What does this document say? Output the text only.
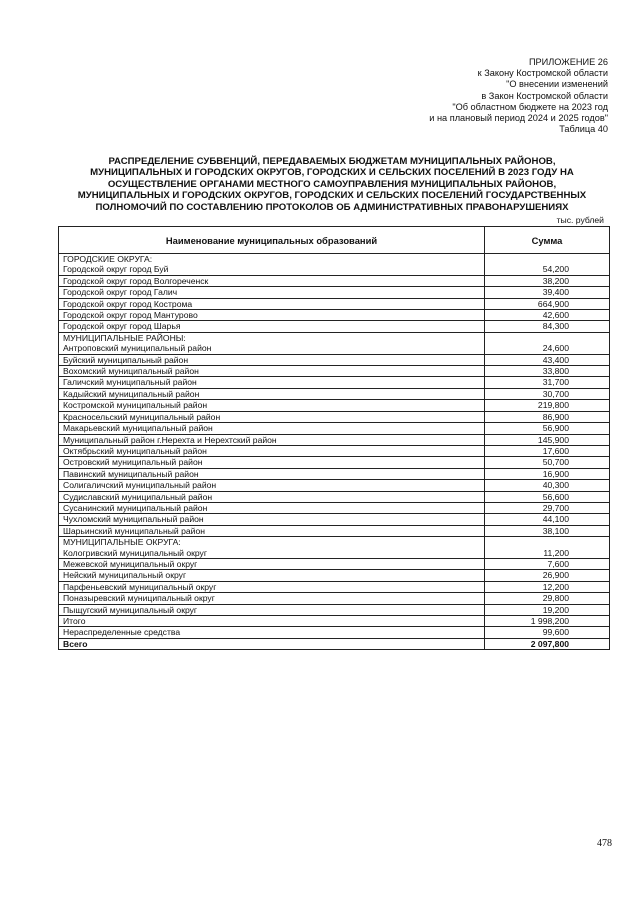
ПРИЛОЖЕНИЕ 26
к Закону Костромской области
"О внесении изменений
в Закон Костромской области
"Об областном бюджете на 2023 год
и на плановый период 2024 и 2025 годов"
Таблица 40
РАСПРЕДЕЛЕНИЕ СУБВЕНЦИЙ, ПЕРЕДАВАЕМЫХ БЮДЖЕТАМ МУНИЦИПАЛЬНЫХ РАЙОНОВ,
МУНИЦИПАЛЬНЫХ И ГОРОДСКИХ ОКРУГОВ, ГОРОДСКИХ И СЕЛЬСКИХ ПОСЕЛЕНИЙ В 2023 ГОДУ НА
ОСУЩЕСТВЛЕНИЕ ОРГАНАМИ МЕСТНОГО САМОУПРАВЛЕНИЯ МУНИЦИПАЛЬНЫХ РАЙОНОВ,
МУНИЦИПАЛЬНЫХ И ГОРОДСКИХ ОКРУГОВ, ГОРОДСКИХ И СЕЛЬСКИХ ПОСЕЛЕНИЙ ГОСУДАРСТВЕННЫХ
ПОЛНОМОЧИЙ ПО СОСТАВЛЕНИЮ ПРОТОКОЛОВ ОБ АДМИНИСТРАТИВНЫХ ПРАВОНАРУШЕНИЯХ
тыс. рублей
Наименование муниципальных образований	Сумма
ГОРОДСКИЕ ОКРУГА:	
Городской округ город Буй	54,200
Городской округ город Волгореченск	38,200
Городской округ город Галич	39,400
Городской округ город Кострома	664,900
Городской округ город Мантурово	42,600
Городской округ город Шарья	84,300
МУНИЦИПАЛЬНЫЕ РАЙОНЫ:	
Антроповский муниципальный район	24,600
Буйский муниципальный район	43,400
Вохомский муниципальный район	33,800
Галичский муниципальный район	31,700
Кадыйский муниципальный район	30,700
Костромской муниципальный район	219,800
Красносельский муниципальный район	86,900
Макарьевский муниципальный район	56,900
Муниципальный район г.Нерехта и Нерехтский район	145,900
Октябрьский муниципальный район	17,600
Островский муниципальный район	50,700
Павинский муниципальный район	16,900
Солигаличский муниципальный район	40,300
Судиславский муниципальный район	56,600
Сусанинский муниципальный район	29,700
Чухломский муниципальный район	44,100
Шарьинский муниципальный район	38,100
МУНИЦИПАЛЬНЫЕ ОКРУГА:	
Кологривский муниципальный округ	11,200
Межевской муниципальный округ	7,600
Нейский муниципальный округ	26,900
Парфеньевский муниципальный округ	12,200
Поназыревский муниципальный округ	29,800
Пыщугский муниципальный округ	19,200
Итого	1 998,200
Нераспределенные средства	99,600
Всего	2 097,800
478
